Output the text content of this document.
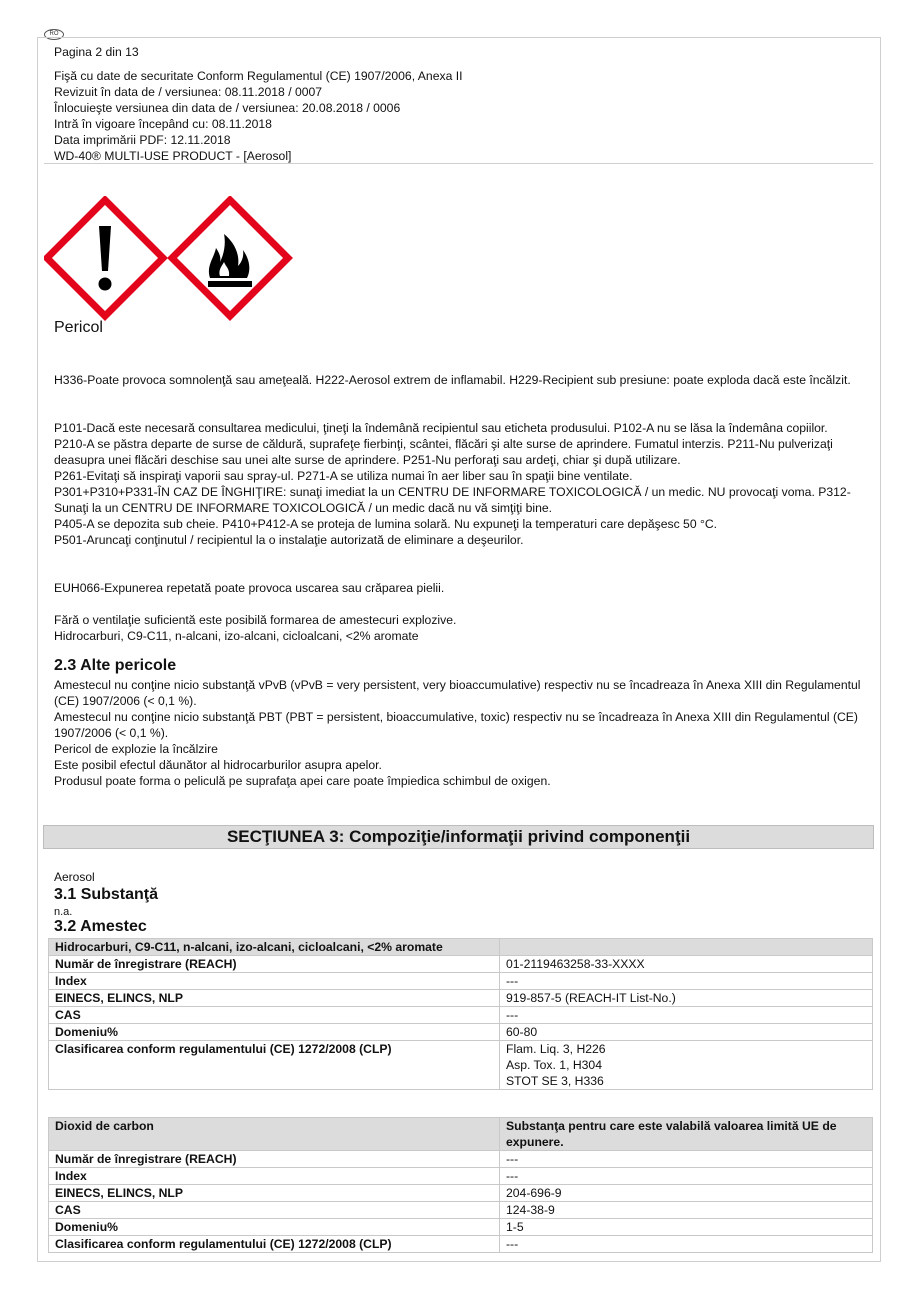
RO
Pagina 2 din 13
Fişă cu date de securitate Conform Regulamentul (CE) 1907/2006, Anexa II
Revizuit în data de / versiunea: 08.11.2018 / 0007
Înlocuieşte versiunea din data de / versiunea: 20.08.2018 / 0006
Intră în vigoare începând cu: 08.11.2018
Data imprimării PDF: 12.11.2018
WD-40® MULTI-USE PRODUCT - [Aerosol]
Pericol
H336-Poate provoca somnolenţă sau ameţeală. H222-Aerosol extrem de inflamabil. H229-Recipient sub presiune: poate exploda dacă este încălzit.
P101-Dacă este necesară consultarea medicului, ţineţi la îndemână recipientul sau eticheta produsului. P102-A nu se lăsa la îndemâna copiilor.
P210-A se păstra departe de surse de căldură, suprafeţe fierbinţi, scântei, flăcări şi alte surse de aprindere. Fumatul interzis. P211-Nu pulverizaţi deasupra unei flăcări deschise sau unei alte surse de aprindere. P251-Nu perforaţi sau ardeţi, chiar şi după utilizare.
P261-Evitaţi să inspiraţi vaporii sau spray-ul. P271-A se utiliza numai în aer liber sau în spaţii bine ventilate.
P301+P310+P331-ÎN CAZ DE ÎNGHIŢIRE: sunaţi imediat la un CENTRU DE INFORMARE TOXICOLOGICĂ / un medic. NU provocaţi voma. P312-Sunaţi la un CENTRU DE INFORMARE TOXICOLOGICĂ / un medic dacă nu vă simţiţi bine.
P405-A se depozita sub cheie. P410+P412-A se proteja de lumina solară. Nu expuneţi la temperaturi care depăşesc 50 °C.
P501-Aruncaţi conţinutul / recipientul la o instalaţie autorizată de eliminare a deşeurilor.
EUH066-Expunerea repetată poate provoca uscarea sau crăparea pielii.
Fără o ventilaţie suficientă este posibilă formarea de amestecuri explozive.
Hidrocarburi, C9-C11, n-alcani, izo-alcani, cicloalcani, <2% aromate
2.3 Alte pericole
Amestecul nu conţine nicio substanţă vPvB (vPvB = very persistent, very bioaccumulative) respectiv nu se încadreaza în Anexa XIII din Regulamentul (CE) 1907/2006 (< 0,1 %).
Amestecul nu conţine nicio substanţă PBT (PBT = persistent, bioaccumulative, toxic) respectiv nu se încadreaza în Anexa XIII din Regulamentul (CE) 1907/2006 (< 0,1 %).
Pericol de explozie la încălzire
Este posibil efectul dăunător al hidrocarburilor asupra apelor.
Produsul poate forma o peliculă pe suprafaţa apei care poate împiedica schimbul de oxigen.
SECŢIUNEA 3: Compoziţie/informaţii privind componenţii
Aerosol
3.1 Substanţă
n.a.
3.2 Amestec
Hidrocarburi, C9-C11, n-alcani, izo-alcani, cicloalcani, <2% aromate	
Număr de înregistrare (REACH)	01-2119463258-33-XXXX
Index	---
EINECS, ELINCS, NLP	919-857-5 (REACH-IT List-No.)
CAS	---
Domeniu%	60-80
Clasificarea conform regulamentului (CE) 1272/2008 (CLP)	Flam. Liq. 3, H226
Asp. Tox. 1, H304
STOT SE 3, H336
Dioxid de carbon	Substanţa pentru care este valabilă valoarea limită UE de expunere.
Număr de înregistrare (REACH)	---
Index	---
EINECS, ELINCS, NLP	204-696-9
CAS	124-38-9
Domeniu%	1-5
Clasificarea conform regulamentului (CE) 1272/2008 (CLP)	---
